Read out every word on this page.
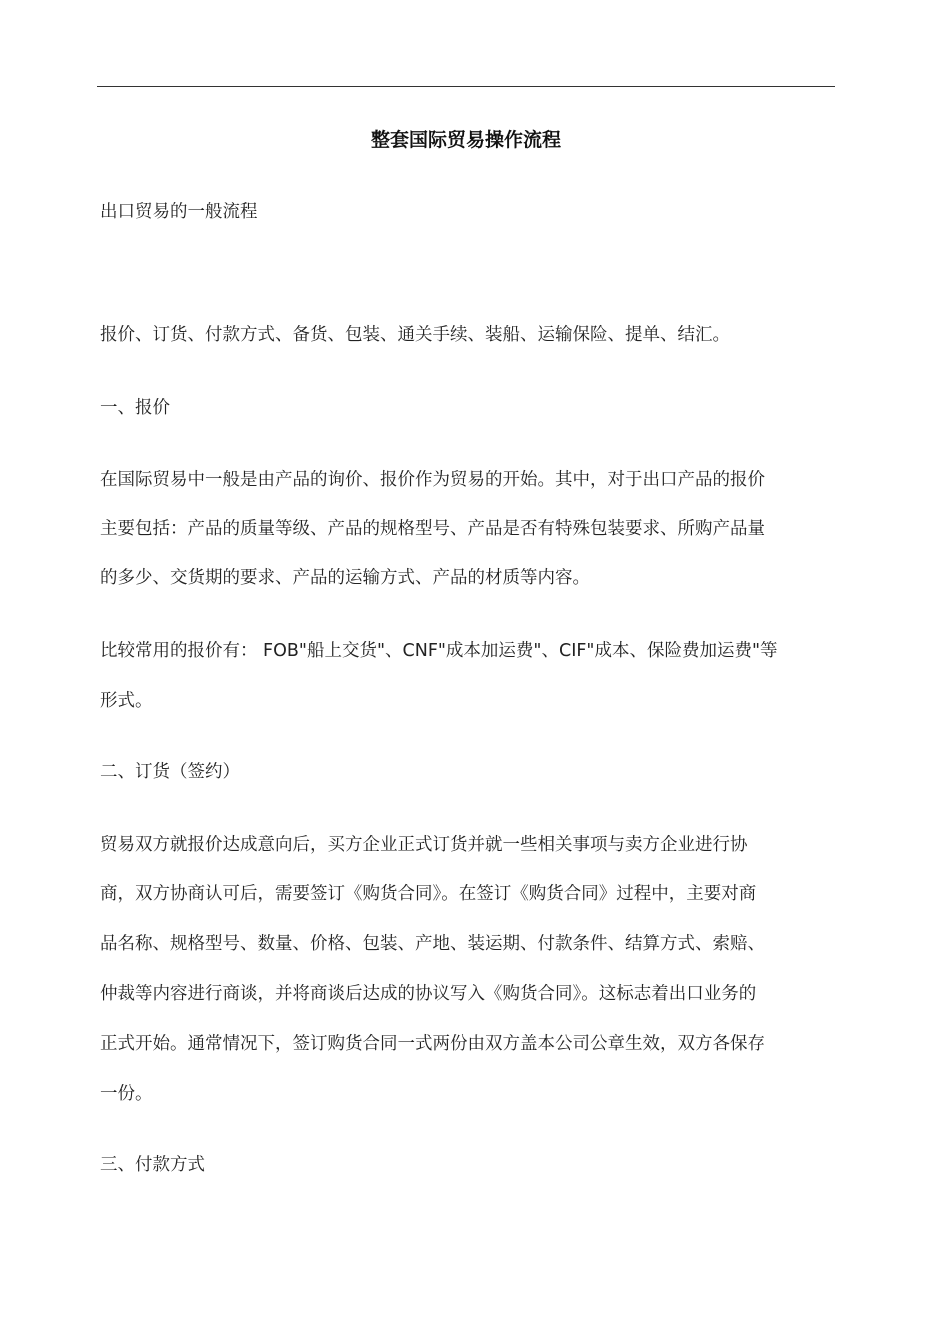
整套国际贸易操作流程

出口贸易的一般流程

报价、订货、付款方式、备货、包装、通关手续、装船、运输保险、提单、结汇。

一、报价

在国际贸易中一般是由产品的询价、报价作为贸易的开始。其中，对于出口产品的报价

主要包括：产品的质量等级、产品的规格型号、产品是否有特殊包装要求、所购产品量

的多少、交货期的要求、产品的运输方式、产品的材质等内容。

比较常用的报价有： FOB"船上交货"、CNF"成本加运费"、CIF"成本、保险费加运费"等

形式。

二、订货（签约）

贸易双方就报价达成意向后，买方企业正式订货并就一些相关事项与卖方企业进行协

商，双方协商认可后，需要签订《购货合同》。在签订《购货合同》过程中，主要对商

品名称、规格型号、数量、价格、包装、产地、装运期、付款条件、结算方式、索赔、

仲裁等内容进行商谈，并将商谈后达成的协议写入《购货合同》。这标志着出口业务的

正式开始。通常情况下，签订购货合同一式两份由双方盖本公司公章生效，双方各保存

一份。

三、付款方式
